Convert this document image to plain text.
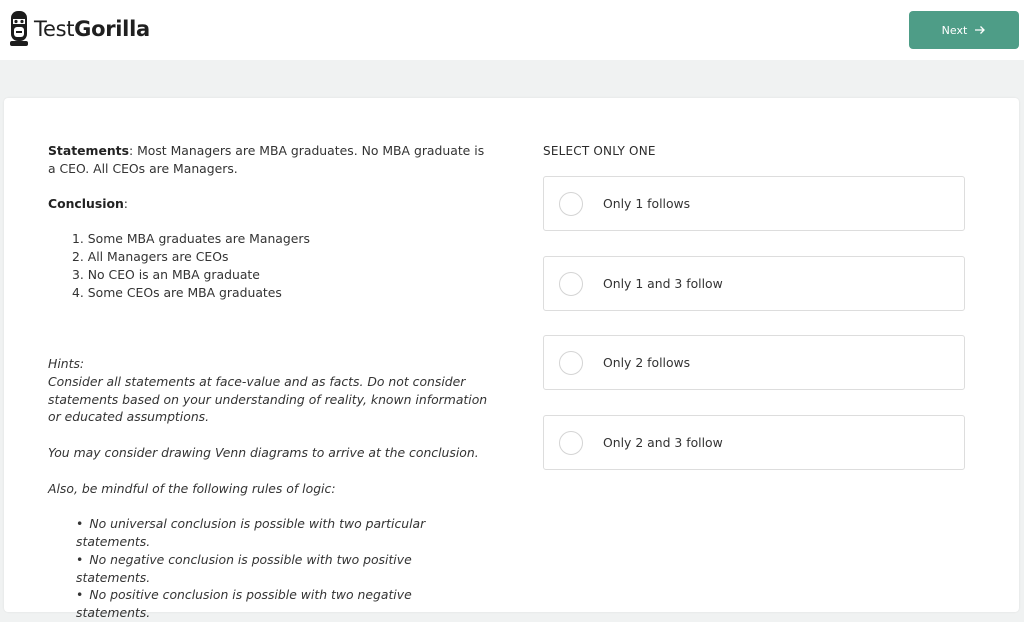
TestGorilla	Next
Statements: Most Managers are MBA graduates. No MBA graduate is a CEO. All CEOs are Managers.
Conclusion:
1. Some MBA graduates are Managers
2. All Managers are CEOs
3. No CEO is an MBA graduate
4. Some CEOs are MBA graduates

Hints:
Consider all statements at face-value and as facts. Do not consider statements based on your understanding of reality, known information or educated assumptions.

You may consider drawing Venn diagrams to arrive at the conclusion.

Also, be mindful of the following rules of logic:

• No universal conclusion is possible with two particular statements.
• No negative conclusion is possible with two positive statements.
• No positive conclusion is possible with two negative statements.
SELECT ONLY ONE
Only 1 follows
Only 1 and 3 follow
Only 2 follows
Only 2 and 3 follow
